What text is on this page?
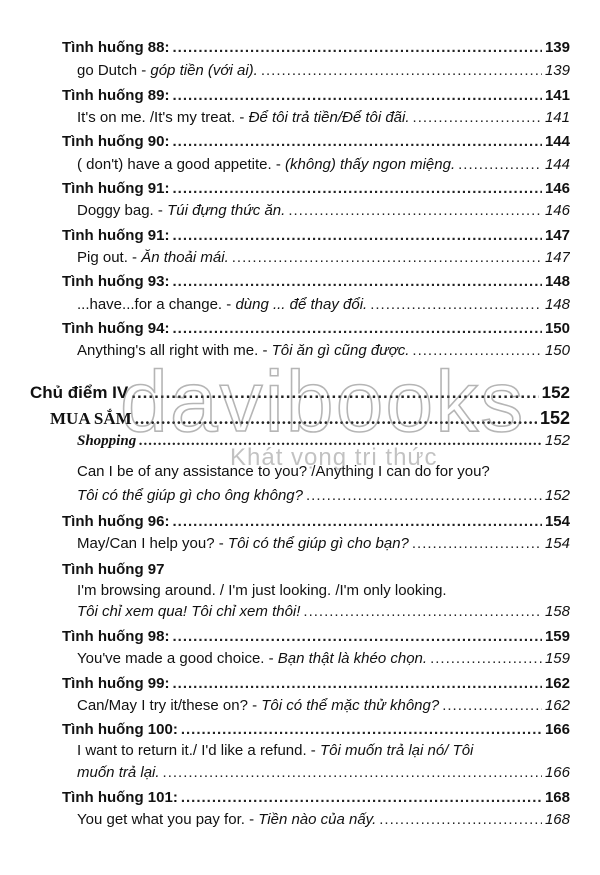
Tình huống 88: .....	139
go Dutch - góp tiền (với ai). .....	139
Tình huống 89: .....	141
It's on me. /It's my treat. - Để tôi trả tiền/Để tôi đãi. .....	141
Tình huống 90: .....	144
( don't) have a good appetite. - (không) thấy ngon miệng. .....	144
Tình huống 91: .....	146
Doggy bag. - Túi đựng thức ăn. .....	146
Tình huống 91: .....	147
Pig out. - Ăn thoải mái. .....	147
Tình huống 93: .....	148
...have...for a change. - dùng ... để thay đổi. .....	148
Tình huống 94: .....	150
Anything's all right with me. - Tôi ăn gì cũng được. .....	150
Chủ điểm IV .....	152
MUA SẮM .....	152
Shopping .....	152
Can I be of any assistance to you? /Anything I can do for you?
Tôi có thể giúp gì cho ông không? .....	152
Tình huống 96: .....	154
May/Can I help you? - Tôi có thể giúp gì cho bạn? .....	154
Tình huống 97
I'm browsing around. / I'm just looking. /I'm only looking.
Tôi chỉ xem qua! Tôi chỉ xem thôi! .....	158
Tình huống 98: .....	159
You've made a good choice. - Bạn thật là khéo chọn. .....	159
Tình huống 99: .....	162
Can/May I try it/these on? - Tôi có thể mặc thử không? .....	162
Tình huống 100: .....	166
I want to return it./ I'd like a refund. - Tôi muốn trả lại nó/ Tôi
muốn trả lại. .....	166
Tình huống 101: .....	168
You get what you pay for. - Tiền nào của nấy. .....	168
davibooks
Khát vọng tri thức
